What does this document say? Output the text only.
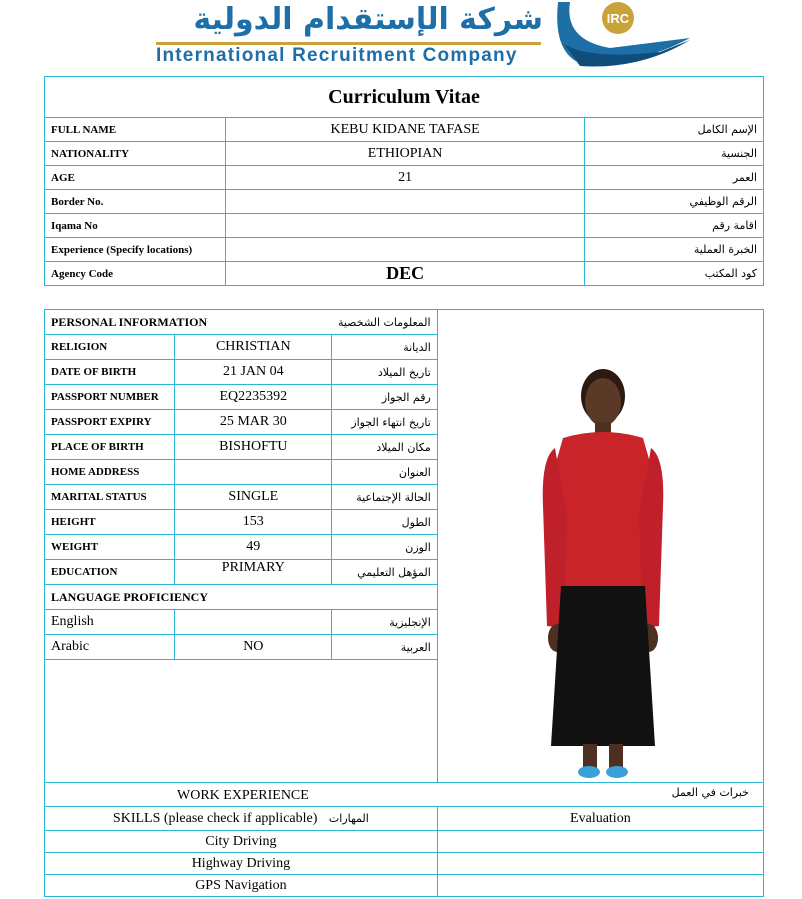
شركة الإستقدام الدولية
International Recruitment Company
IRC
Curriculum Vitae		
FULL NAME	KEBU KIDANE TAFASE	الإسم الكامل
NATIONALITY	ETHIOPIAN	الجنسية
AGE	21	العمر
Border No.		الرقم الوظيفي
Iqama No		اقامة رقم
Experience (Specify locations)		الخبرة العملية
Agency Code	DEC	كود المكتب
PERSONAL INFORMATION	المعلومات الشخصية
RELIGION	CHRISTIAN	الديانة
DATE OF BIRTH	21 JAN 04	تاريخ الميلاد
PASSPORT NUMBER	EQ2235392	رقم الجواز
PASSPORT EXPIRY	25 MAR 30	تاريخ انتهاء الجواز
PLACE OF BIRTH	BISHOFTU	مكان الميلاد
HOME ADDRESS		العنوان
MARITAL STATUS	SINGLE	الحالة الإجتماعية
HEIGHT	153	الطول
WEIGHT	49	الوزن
EDUCATION	PRIMARY	المؤهل التعليمي
LANGUAGE PROFICIENCY
English		الإنجليزية
Arabic	NO	العربية

WORK EXPERIENCE	خبرات في العمل

SKILLS (please check if applicable) المهارات	Evaluation
City Driving	
Highway Driving	
GPS Navigation	
